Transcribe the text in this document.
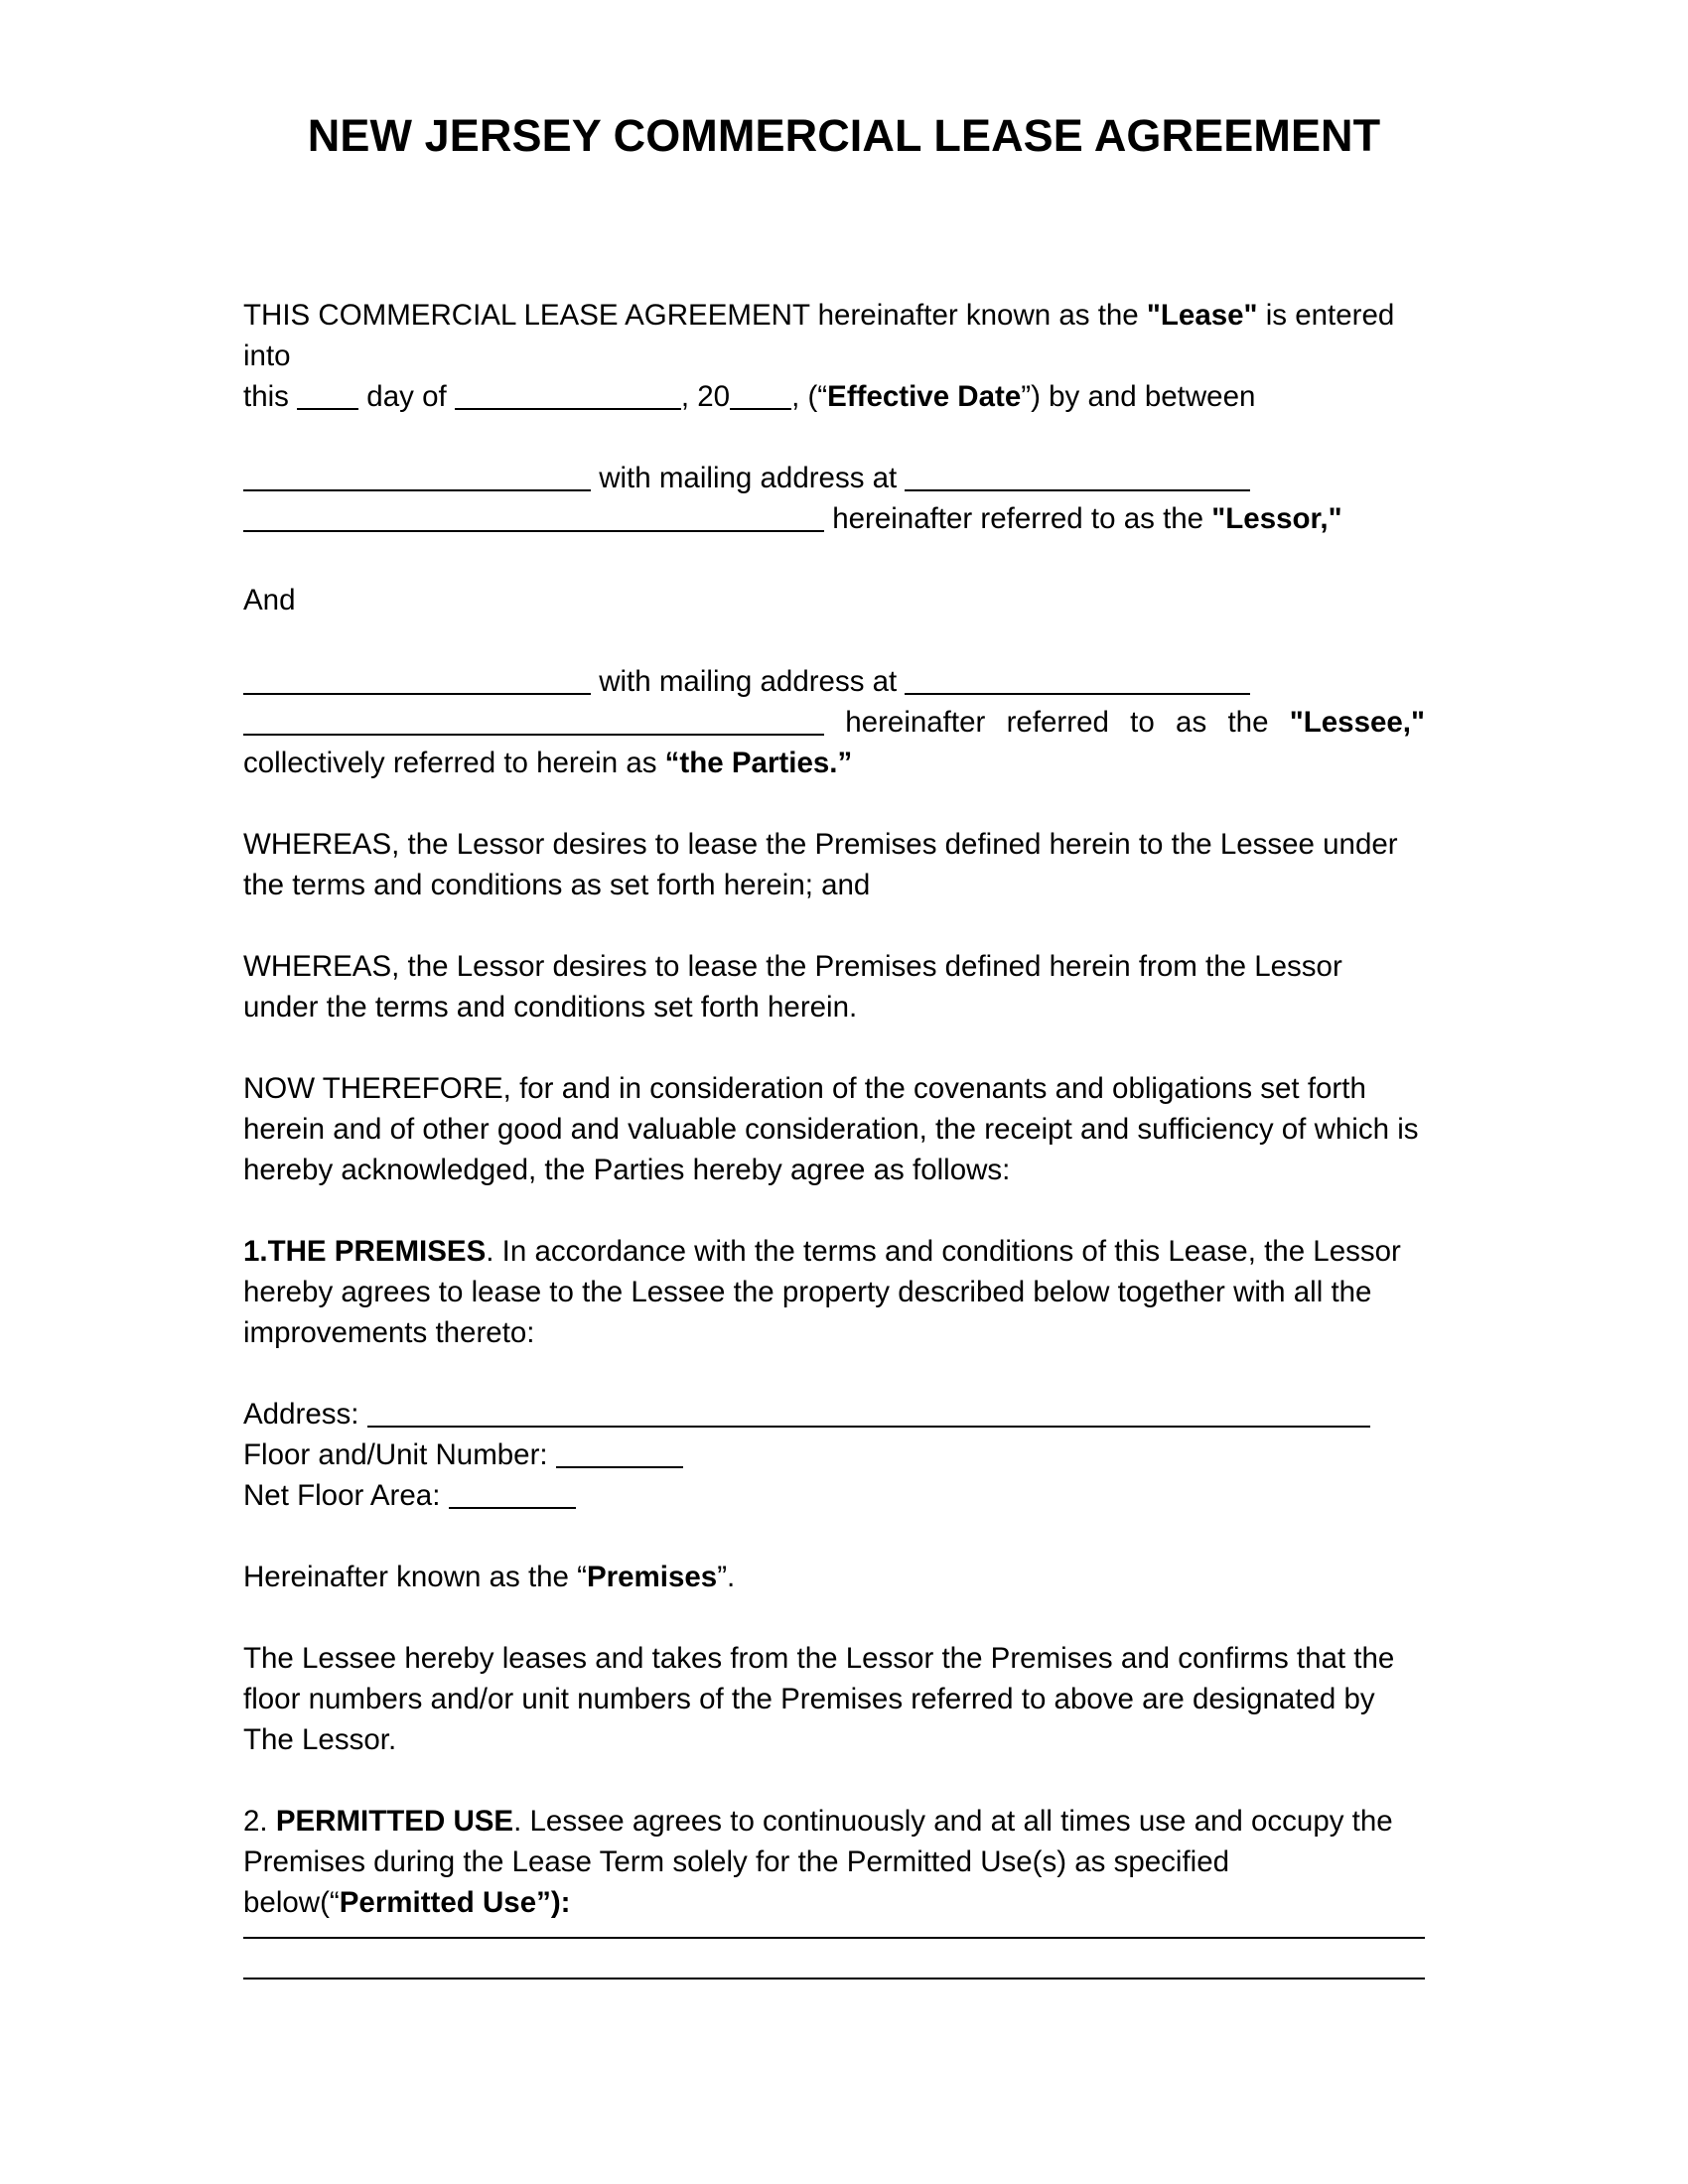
NEW JERSEY COMMERCIAL LEASE AGREEMENT

THIS COMMERCIAL LEASE AGREEMENT hereinafter known as the "Lease" is entered into
this  day of	, 20 , (“Effective Date”) by and between

with mailing address at
hereinafter referred to as the "Lessor,"

And

with mailing address at
hereinafter referred to as the "Lessee,"
collectively referred to herein as “the Parties.”

WHEREAS, the Lessor desires to lease the Premises defined herein to the Lessee under the terms and conditions as set forth herein; and

WHEREAS, the Lessor desires to lease the Premises defined herein from the Lessor under the terms and conditions set forth herein.

NOW THEREFORE, for and in consideration of the covenants and obligations set forth herein and of other good and valuable consideration, the receipt and sufficiency of which is hereby acknowledged, the Parties hereby agree as follows:

1.THE PREMISES. In accordance with the terms and conditions of this Lease, the Lessor hereby agrees to lease to the Lessee the property described below together with all the improvements thereto:

Address:

Floor and/Unit Number:

Net Floor Area:

Hereinafter known as the “Premises”.

The Lessee hereby leases and takes from the Lessor the Premises and confirms that the floor numbers and/or unit numbers of the Premises referred to above are designated by The Lessor.

2. PERMITTED USE. Lessee agrees to continuously and at all times use and occupy the Premises during the Lease Term solely for the Permitted Use(s) as specified below(“Permitted Use”):
